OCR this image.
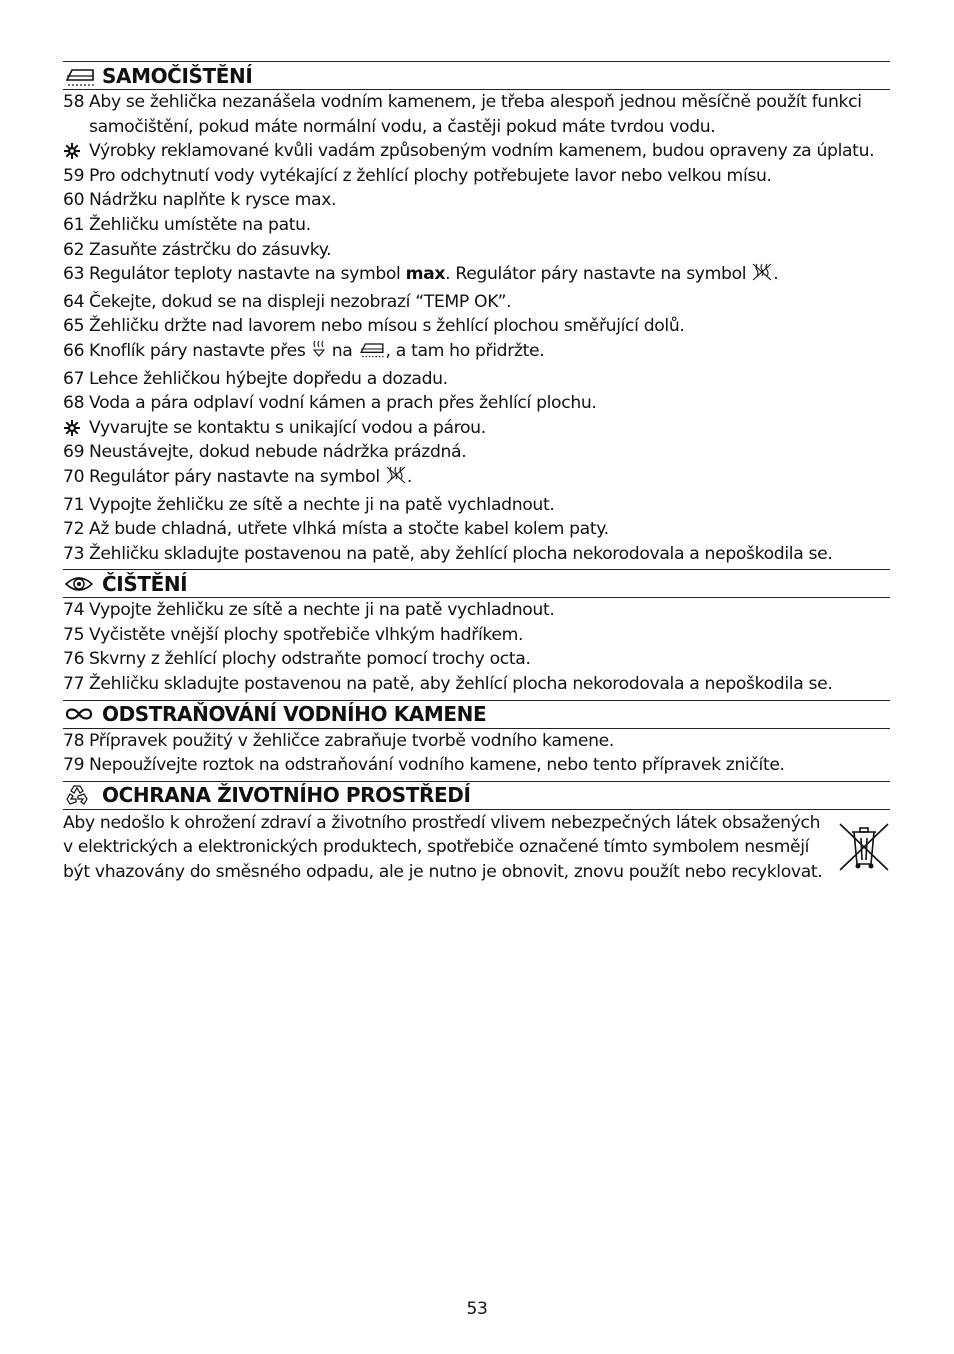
SAMOČIŠTĚNÍ
58 Aby se žehlička nezanášela vodním kamenem, je třeba alespoň jednou měsíčně použít funkci samočištění, pokud máte normální vodu, a častěji pokud máte tvrdou vodu.
Výrobky reklamované kvůli vadám způsobeným vodním kamenem, budou opraveny za úplatu.
59 Pro odchytnutí vody vytékající z žehlící plochy potřebujete lavor nebo velkou mísu.
60 Nádržku naplňte k rysce max.
61 Žehličku umístěte na patu.
62 Zasuňte zástrčku do zásuvky.
63 Regulátor teploty nastavte na symbol max. Regulátor páry nastavte na symbol .
64 Čekejte, dokud se na displeji nezobrazí “TEMP OK”.
65 Žehličku držte nad lavorem nebo mísou s žehlící plochou směřující dolů.
66 Knoflík páry nastavte přes  na , a tam ho přidržte.
67 Lehce žehličkou hýbejte dopředu a dozadu.
68 Voda a pára odplaví vodní kámen a prach přes žehlící plochu.
Vyvarujte se kontaktu s unikající vodou a párou.
69 Neustávejte, dokud nebude nádržka prázdná.
70 Regulátor páry nastavte na symbol .
71 Vypojte žehličku ze sítě a nechte ji na patě vychladnout.
72 Až bude chladná, utřete vlhká místa a stočte kabel kolem paty.
73 Žehličku skladujte postavenou na patě, aby žehlící plocha nekorodovala a nepoškodila se.
ČIŠTĚNÍ
74 Vypojte žehličku ze sítě a nechte ji na patě vychladnout.
75 Vyčistěte vnější plochy spotřebiče vlhkým hadříkem.
76 Skvrny z žehlící plochy odstraňte pomocí trochy octa.
77 Žehličku skladujte postavenou na patě, aby žehlící plocha nekorodovala a nepoškodila se.
ODSTRAŇOVÁNÍ VODNÍHO KAMENE
78 Přípravek použitý v žehličce zabraňuje tvorbě vodního kamene.
79 Nepoužívejte roztok na odstraňování vodního kamene, nebo tento přípravek zničíte.
OCHRANA ŽIVOTNÍHO PROSTŘEDÍ
Aby nedošlo k ohrožení zdraví a životního prostředí vlivem nebezpečných látek obsažených v elektrických a elektronických produktech, spotřebiče označené tímto symbolem nesmějí být vhazovány do směsného odpadu, ale je nutno je obnovit, znovu použít nebo recyklovat.
53
